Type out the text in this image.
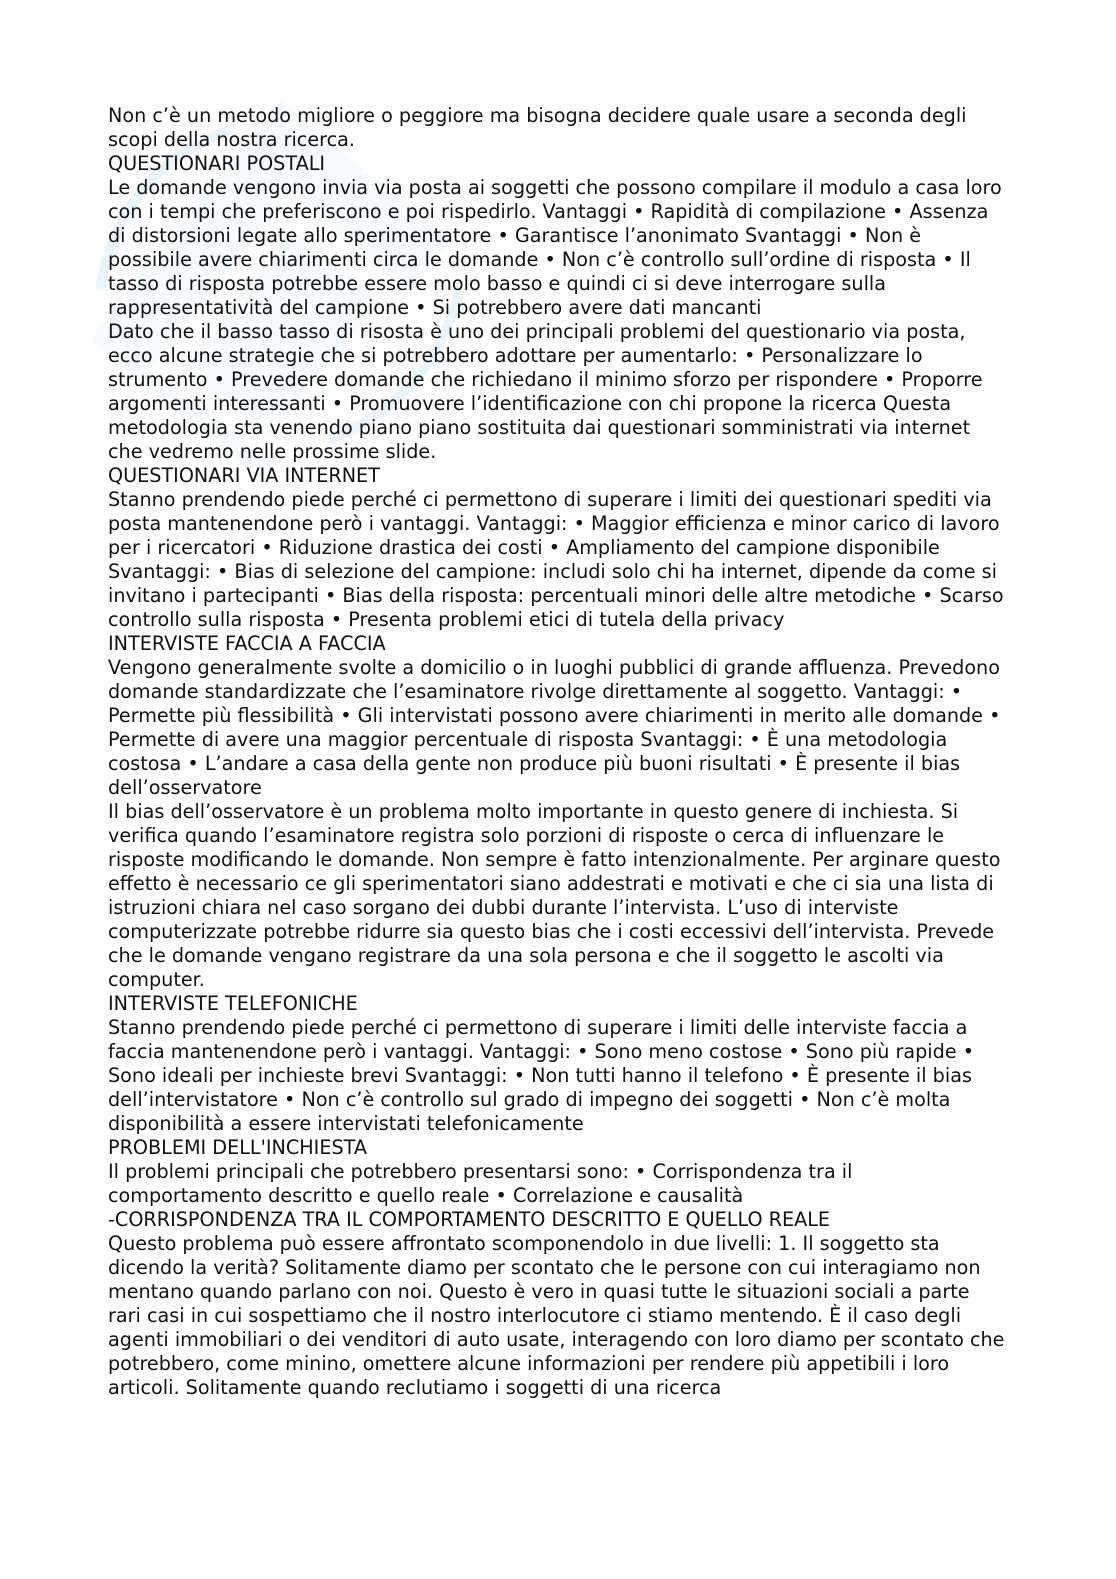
Non c’è un metodo migliore o peggiore ma bisogna decidere quale usare a seconda degli scopi della nostra ricerca.

QUESTIONARI POSTALI

Le domande vengono invia via posta ai soggetti che possono compilare il modulo a casa loro con i tempi che preferiscono e poi rispedirlo. Vantaggi • Rapidità di compilazione • Assenza di distorsioni legate allo sperimentatore • Garantisce l’anonimato Svantaggi • Non è possibile avere chiarimenti circa le domande • Non c’è controllo sull’ordine di risposta • Il tasso di risposta potrebbe essere molo basso e quindi ci si deve interrogare sulla rappresentatività del campione • Si potrebbero avere dati mancanti

Dato che il basso tasso di risosta è uno dei principali problemi del questionario via posta, ecco alcune strategie che si potrebbero adottare per aumentarlo: • Personalizzare lo strumento • Prevedere domande che richiedano il minimo sforzo per rispondere • Proporre argomenti interessanti • Promuovere l’identificazione con chi propone la ricerca Questa metodologia sta venendo piano piano sostituita dai questionari somministrati via internet che vedremo nelle prossime slide.

QUESTIONARI VIA INTERNET

Stanno prendendo piede perché ci permettono di superare i limiti dei questionari spediti via posta mantenendone però i vantaggi. Vantaggi: • Maggior efficienza e minor carico di lavoro per i ricercatori • Riduzione drastica dei costi • Ampliamento del campione disponibile Svantaggi: • Bias di selezione del campione: includi solo chi ha internet, dipende da come si invitano i partecipanti • Bias della risposta: percentuali minori delle altre metodiche • Scarso controllo sulla risposta • Presenta problemi etici di tutela della privacy

INTERVISTE FACCIA A FACCIA

Vengono generalmente svolte a domicilio o in luoghi pubblici di grande affluenza. Prevedono domande standardizzate che l’esaminatore rivolge direttamente al soggetto. Vantaggi: • Permette più flessibilità • Gli intervistati possono avere chiarimenti in merito alle domande • Permette di avere una maggior percentuale di risposta Svantaggi: • È una metodologia costosa • L’andare a casa della gente non produce più buoni risultati • È presente il bias dell’osservatore

Il bias dell’osservatore è un problema molto importante in questo genere di inchiesta. Si verifica quando l’esaminatore registra solo porzioni di risposte o cerca di influenzare le risposte modificando le domande. Non sempre è fatto intenzionalmente. Per arginare questo effetto è necessario ce gli sperimentatori siano addestrati e motivati e che ci sia una lista di istruzioni chiara nel caso sorgano dei dubbi durante l’intervista. L’uso di interviste computerizzate potrebbe ridurre sia questo bias che i costi eccessivi dell’intervista. Prevede che le domande vengano registrare da una sola persona e che il soggetto le ascolti via computer.

INTERVISTE TELEFONICHE

Stanno prendendo piede perché ci permettono di superare i limiti delle interviste faccia a faccia mantenendone però i vantaggi. Vantaggi: • Sono meno costose • Sono più rapide • Sono ideali per inchieste brevi Svantaggi: • Non tutti hanno il telefono • È presente il bias dell’intervistatore • Non c’è controllo sul grado di impegno dei soggetti • Non c’è molta disponibilità a essere intervistati telefonicamente

PROBLEMI DELL'INCHIESTA

Il problemi principali che potrebbero presentarsi sono: • Corrispondenza tra il comportamento descritto e quello reale • Correlazione e causalità

-CORRISPONDENZA TRA IL COMPORTAMENTO DESCRITTO E QUELLO REALE

Questo problema può essere affrontato scomponendolo in due livelli: 1. Il soggetto sta dicendo la verità? Solitamente diamo per scontato che le persone con cui interagiamo non mentano quando parlano con noi. Questo è vero in quasi tutte le situazioni sociali a parte rari casi in cui sospettiamo che il nostro interlocutore ci stiamo mentendo. È il caso degli agenti immobiliari o dei venditori di auto usate, interagendo con loro diamo per scontato che potrebbero, come minino, omettere alcune informazioni per rendere più appetibili i loro articoli. Solitamente quando reclutiamo i soggetti di una ricerca
